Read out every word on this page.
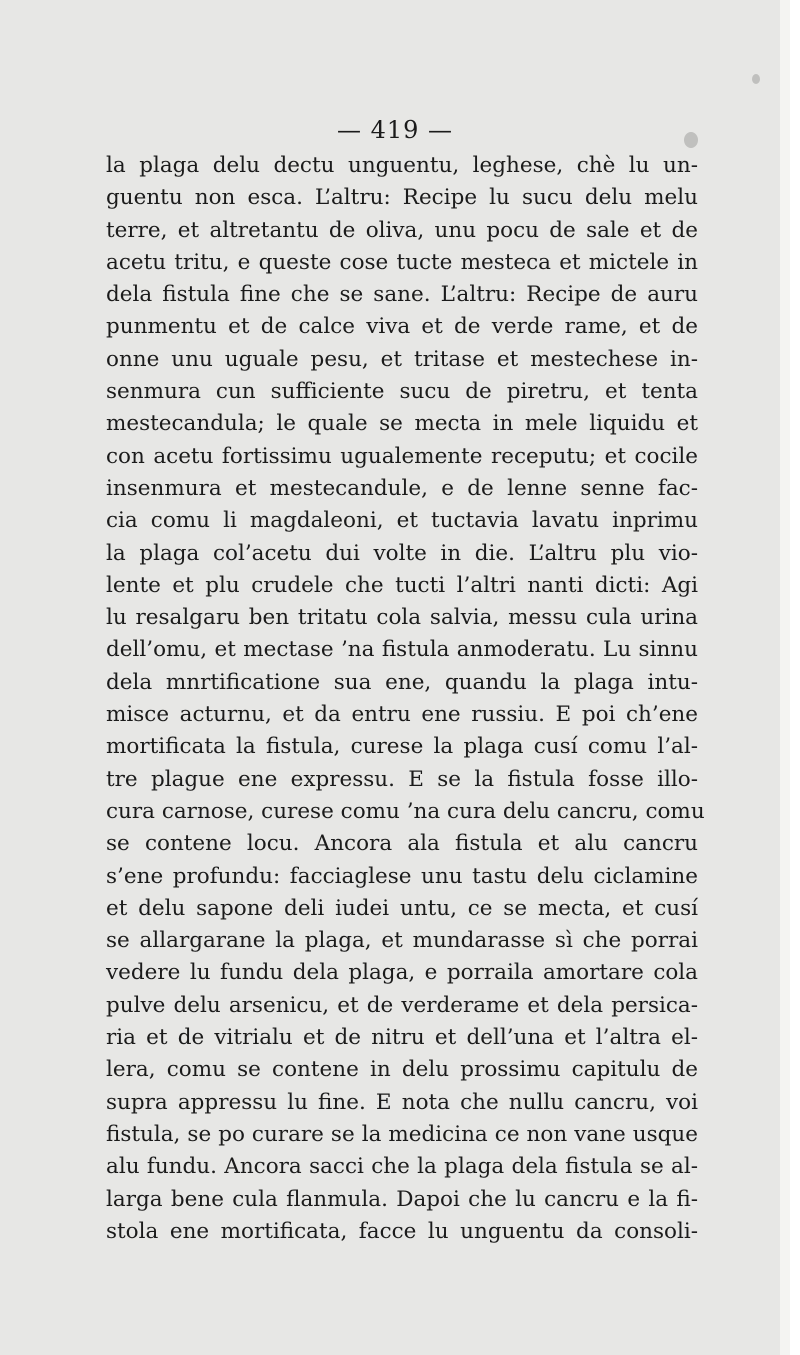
— 419 —
la plaga delu dectu unguentu, leghese, chè lu un-
guentu non esca. L’altru: Recipe lu sucu delu melu
terre, et altretantu de oliva, unu pocu de sale et de
acetu tritu, e queste cose tucte mesteca et mictele in
dela fistula fine che se sane. L’altru: Recipe de auru
punmentu et de calce viva et de verde rame, et de
onne unu uguale pesu, et tritase et mestechese in-
senmura cun sufficiente sucu de piretru, et tenta
mestecandula; le quale se mecta in mele liquidu et
con acetu fortissimu ugualemente receputu; et cocile
insenmura et mestecandule, e de lenne senne fac-
cia comu li magdaleoni, et tuctavia lavatu inprimu
la plaga col’acetu dui volte in die. L’altru plu vio-
lente et plu crudele che tucti l’altri nanti dicti: Agi
lu resalgaru ben tritatu cola salvia, messu cula urina
dell’omu, et mectase ’na fistula anmoderatu. Lu sinnu
dela mnrtificatione sua ene, quandu la plaga intu-
misce acturnu, et da entru ene russiu. E poi ch’ene
mortificata la fistula, curese la plaga cusí comu l’al-
tre plague ene expressu. E se la fistula fosse illo-
cura carnose, curese comu ’na cura delu cancru, comu
se contene locu. Ancora ala fistula et alu cancru
s’ene profundu: facciaglese unu tastu delu ciclamine
et delu sapone deli iudei untu, ce se mecta, et cusí
se allargarane la plaga, et mundarasse sì che porrai
vedere lu fundu dela plaga, e porraila amortare cola
pulve delu arsenicu, et de verderame et dela persica-
ria et de vitrialu et de nitru et dell’una et l’altra el-
lera, comu se contene in delu prossimu capitulu de
supra appressu lu fine. E nota che nullu cancru, voi
fistula, se po curare se la medicina ce non vane usque
alu fundu. Ancora sacci che la plaga dela fistula se al-
larga bene cula flanmula. Dapoi che lu cancru e la fi-
stola ene mortificata, facce lu unguentu da consoli-
